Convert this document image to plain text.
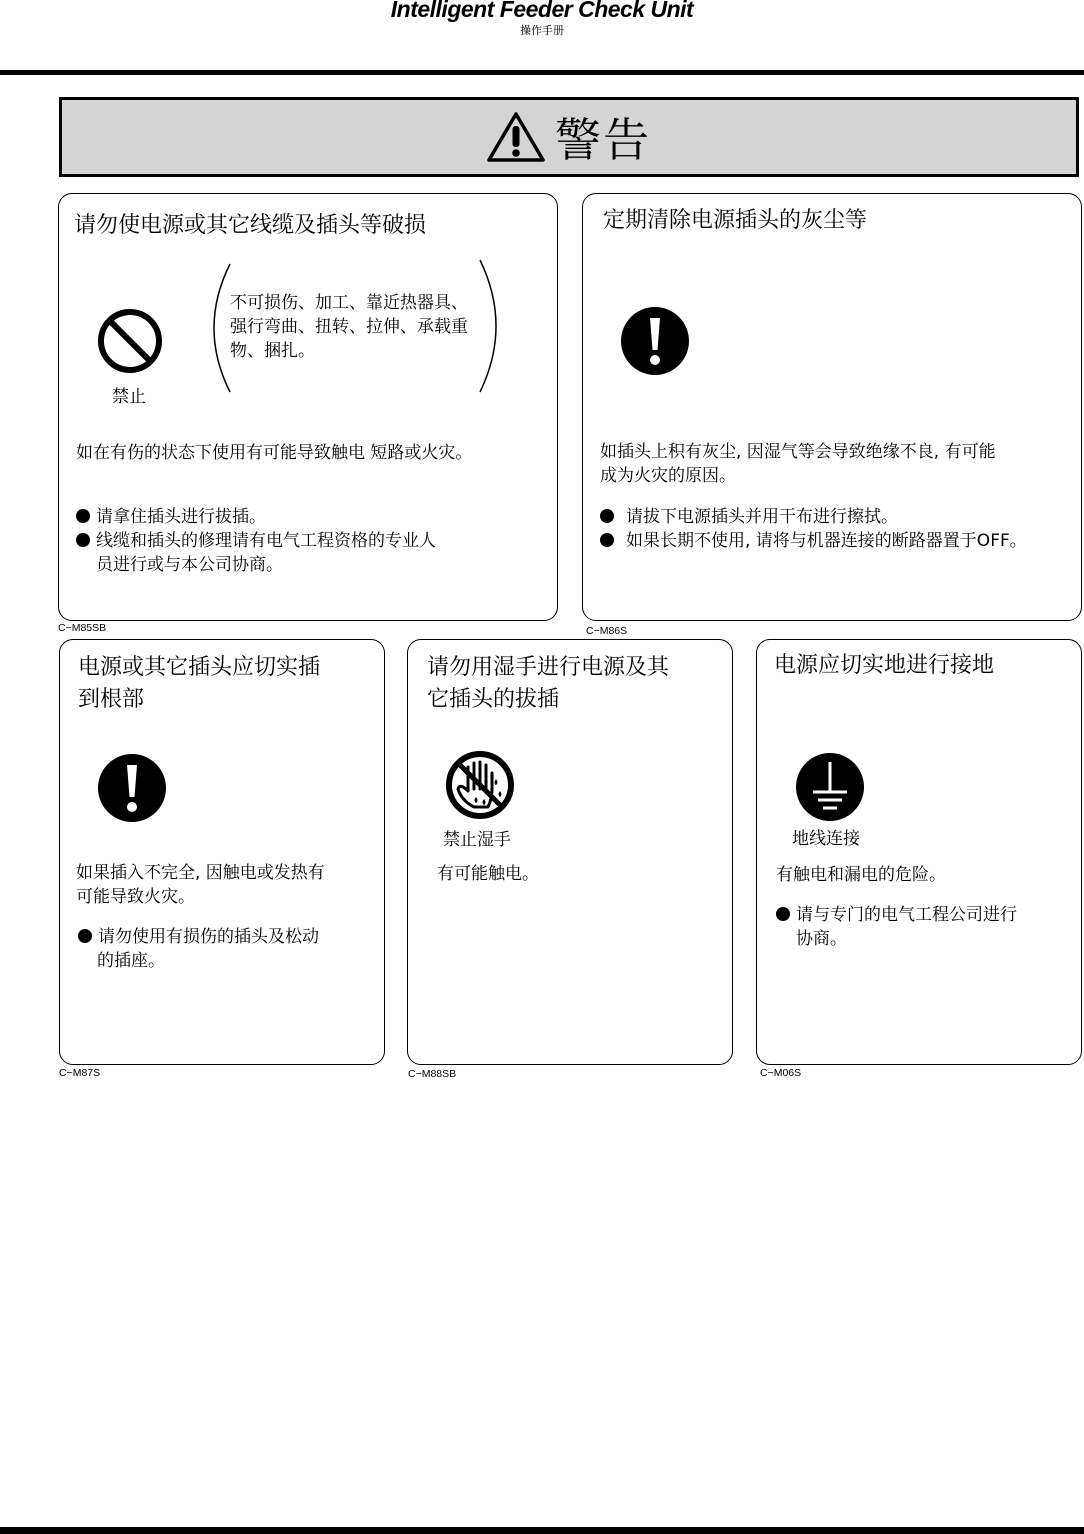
Intelligent Feeder Check Unit
操作手册
警告
请勿使电源或其它线缆及插头等破损
禁止
不可损伤、加工、靠近热器具、
强行弯曲、扭转、拉伸、承载重
物、捆扎。
如在有伤的状态下使用有可能导致触电 短路或火灾。
请拿住插头进行拔插。
线缆和插头的修理请有电气工程资格的专业人
员进行或与本公司协商。
C−M85SB
定期清除电源插头的灰尘等
如插头上积有灰尘, 因湿气等会导致绝缘不良, 有可能
成为火灾的原因。
请拔下电源插头并用干布进行擦拭。
如果长期不使用, 请将与机器连接的断路器置于OFF。
C−M86S
电源或其它插头应切实插
到根部
如果插入不完全, 因触电或发热有
可能导致火灾。
请勿使用有损伤的插头及松动
的插座。
C−M87S
请勿用湿手进行电源及其
它插头的拔插
禁止湿手
有可能触电。
C−M88SB
电源应切实地进行接地
地线连接
有触电和漏电的危险。
请与专门的电气工程公司进行
协商。
C−M06S
